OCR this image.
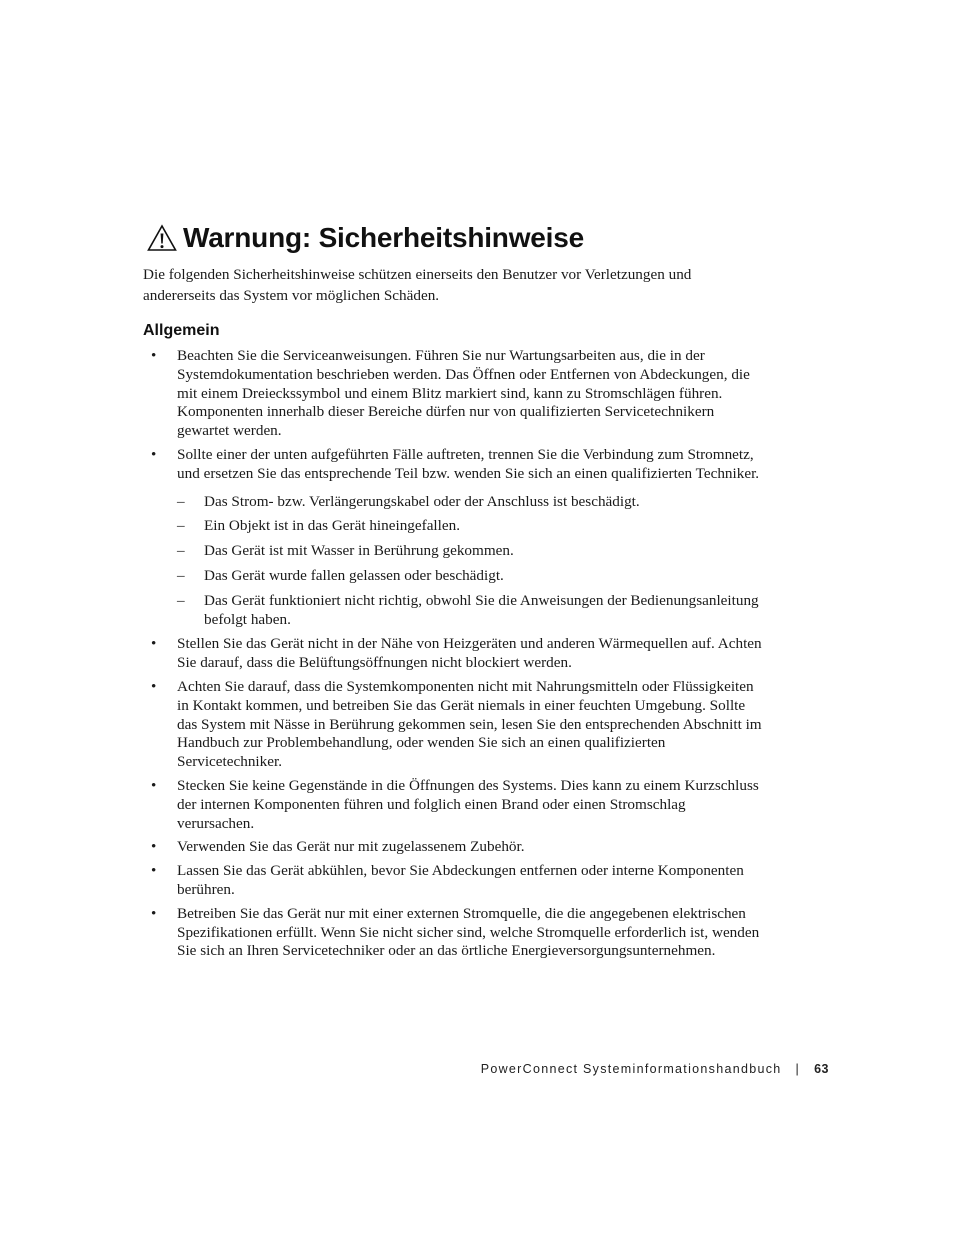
Warnung: Sicherheitshinweise

Die folgenden Sicherheitshinweise schützen einerseits den Benutzer vor Verletzungen und andererseits das System vor möglichen Schäden.

Allgemein
• Beachten Sie die Serviceanweisungen. Führen Sie nur Wartungsarbeiten aus, die in der Systemdokumentation beschrieben werden. Das Öffnen oder Entfernen von Abdeckungen, die mit einem Dreieckssymbol und einem Blitz markiert sind, kann zu Stromschlägen führen. Komponenten innerhalb dieser Bereiche dürfen nur von qualifizierten Servicetechnikern gewartet werden.
• Sollte einer der unten aufgeführten Fälle auftreten, trennen Sie die Verbindung zum Stromnetz, und ersetzen Sie das entsprechende Teil bzw. wenden Sie sich an einen qualifizierten Techniker.
– Das Strom- bzw. Verlängerungskabel oder der Anschluss ist beschädigt.
– Ein Objekt ist in das Gerät hineingefallen.
– Das Gerät ist mit Wasser in Berührung gekommen.
– Das Gerät wurde fallen gelassen oder beschädigt.
– Das Gerät funktioniert nicht richtig, obwohl Sie die Anweisungen der Bedienungsanleitung befolgt haben.
• Stellen Sie das Gerät nicht in der Nähe von Heizgeräten und anderen Wärmequellen auf. Achten Sie darauf, dass die Belüftungsöffnungen nicht blockiert werden.
• Achten Sie darauf, dass die Systemkomponenten nicht mit Nahrungsmitteln oder Flüssigkeiten in Kontakt kommen, und betreiben Sie das Gerät niemals in einer feuchten Umgebung. Sollte das System mit Nässe in Berührung gekommen sein, lesen Sie den entsprechenden Abschnitt im Handbuch zur Problembehandlung, oder wenden Sie sich an einen qualifizierten Servicetechniker.
• Stecken Sie keine Gegenstände in die Öffnungen des Systems. Dies kann zu einem Kurzschluss der internen Komponenten führen und folglich einen Brand oder einen Stromschlag verursachen.
• Verwenden Sie das Gerät nur mit zugelassenem Zubehör.
• Lassen Sie das Gerät abkühlen, bevor Sie Abdeckungen entfernen oder interne Komponenten berühren.
• Betreiben Sie das Gerät nur mit einer externen Stromquelle, die die angegebenen elektrischen Spezifikationen erfüllt. Wenn Sie nicht sicher sind, welche Stromquelle erforderlich ist, wenden Sie sich an Ihren Servicetechniker oder an das örtliche Energieversorgungsunternehmen.
PowerConnect Systeminformationshandbuch | 63
